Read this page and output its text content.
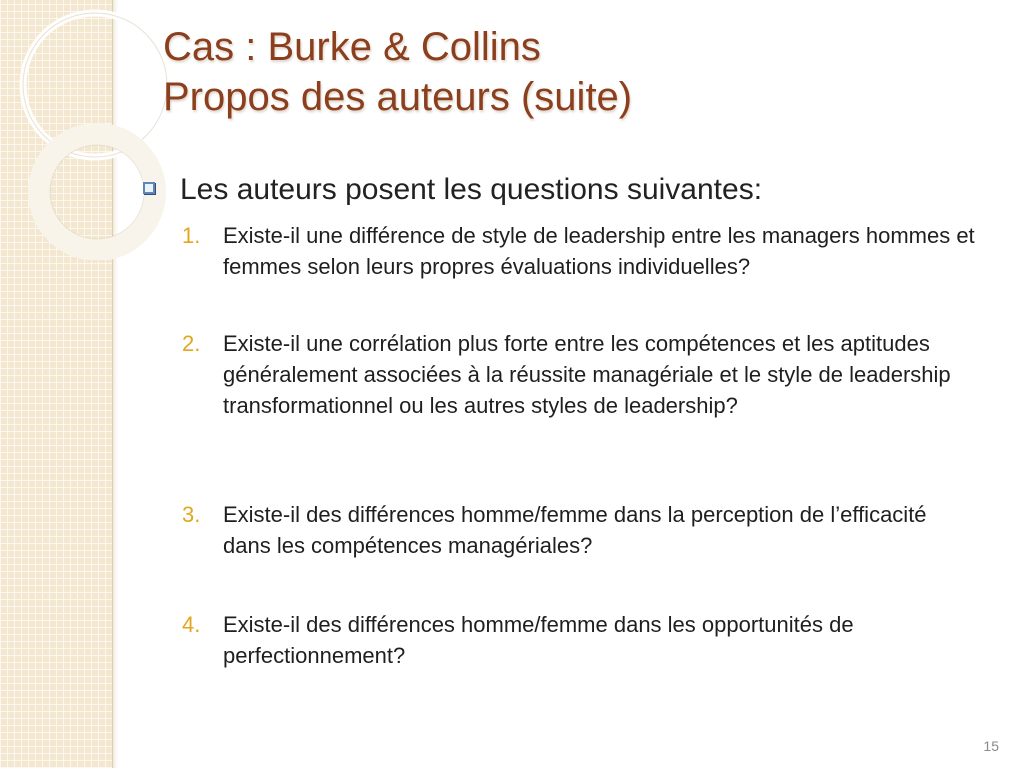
Cas : Burke & Collins
Propos des auteurs (suite)
Les auteurs posent les questions suivantes:
1.	Existe-il une différence de style de leadership entre les managers hommes et femmes selon leurs propres évaluations individuelles?
2.	Existe-il une corrélation plus forte entre les compétences et les aptitudes généralement associées à la réussite managériale et le style de leadership transformationnel ou les autres styles de leadership?
3.	Existe-il des différences homme/femme dans la perception de l’efficacité dans les compétences managériales?
4.	Existe-il des différences homme/femme dans les opportunités de perfectionnement?
15
